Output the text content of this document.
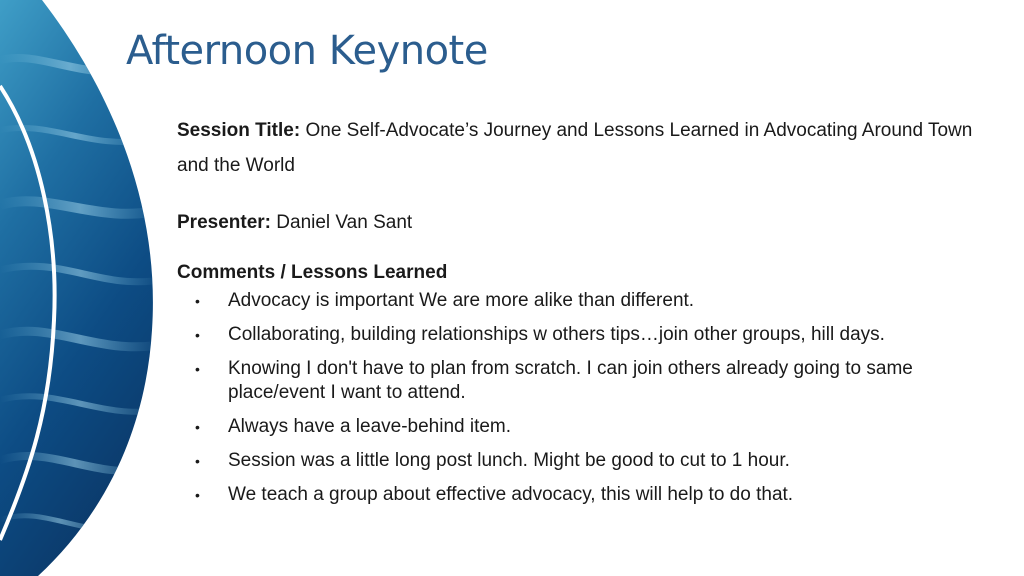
Afternoon Keynote

Session Title: One Self-Advocate’s Journey and Lessons Learned in Advocating Around Town and the World

Presenter: Daniel Van Sant

Comments / Lessons Learned

• Advocacy is important We are more alike than different.
• Collaborating, building relationships w others tips…join other groups, hill days.
• Knowing I don't have to plan from scratch. I can join others already going to same place/event I want to attend.
• Always have a leave-behind item.
• Session was a little long post lunch. Might be good to cut to 1 hour.
• We teach a group about effective advocacy, this will help to do that.
